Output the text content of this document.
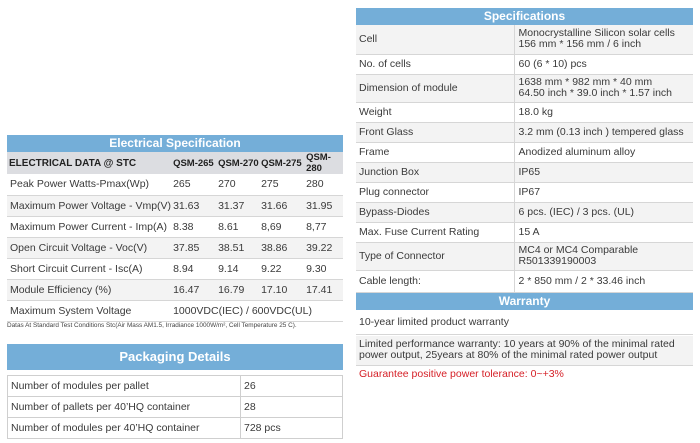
Electrical Specification
ELECTRICAL DATA @ STC	QSM-265	QSM-270	QSM-275	QSM-280
Peak Power Watts-Pmax(Wp)	265	270	275	280
Maximum Power Voltage - Vmp(V)	31.63	31.37	31.66	31.95
Maximum Power Current - Imp(A)	8.38	8.61	8,69	8,77
Open Circuit Voltage - Voc(V)	37.85	38.51	38.86	39.22
Short Circuit Current - Isc(A)	8.94	9.14	9.22	9.30
Module Efficiency (%)	16.47	16.79	17.10	17.41
Maximum System Voltage	1000VDC(IEC) / 600VDC(UL)			
Datas At Standard Test Conditions Stc(Air Mass AM1.5, Irradiance 1000W/m², Cell Temperature 25 C).
Packaging Details
Number of modules per pallet	26
Number of pallets per 40’HQ container	28
Number of modules per 40’HQ container	728 pcs
Specifications
Cell	Monocrystalline Silicon solar cells
156 mm * 156 mm / 6 inch

No. of cells	60 (6 * 10) pcs
Dimension of module	1638 mm * 982 mm * 40 mm
64.50 inch * 39.0 inch * 1.57 inch

Weight	18.0 kg
Front Glass	3.2 mm (0.13 inch ) tempered glass
Frame	Anodized aluminum alloy
Junction Box	IP65
Plug connector	IP67
Bypass-Diodes	6 pcs. (IEC) / 3 pcs. (UL)
Max. Fuse Current Rating	15 A
Type of Connector	MC4 or MC4 Comparable
R501339190003

Cable length:	2 * 850 mm / 2 * 33.46 inch
Warranty
10-year limited product warranty
Limited performance warranty: 10 years at 90% of the minimal rated power output, 25years at 80% of the minimal rated power output
Guarantee positive power tolerance: 0~+3%
